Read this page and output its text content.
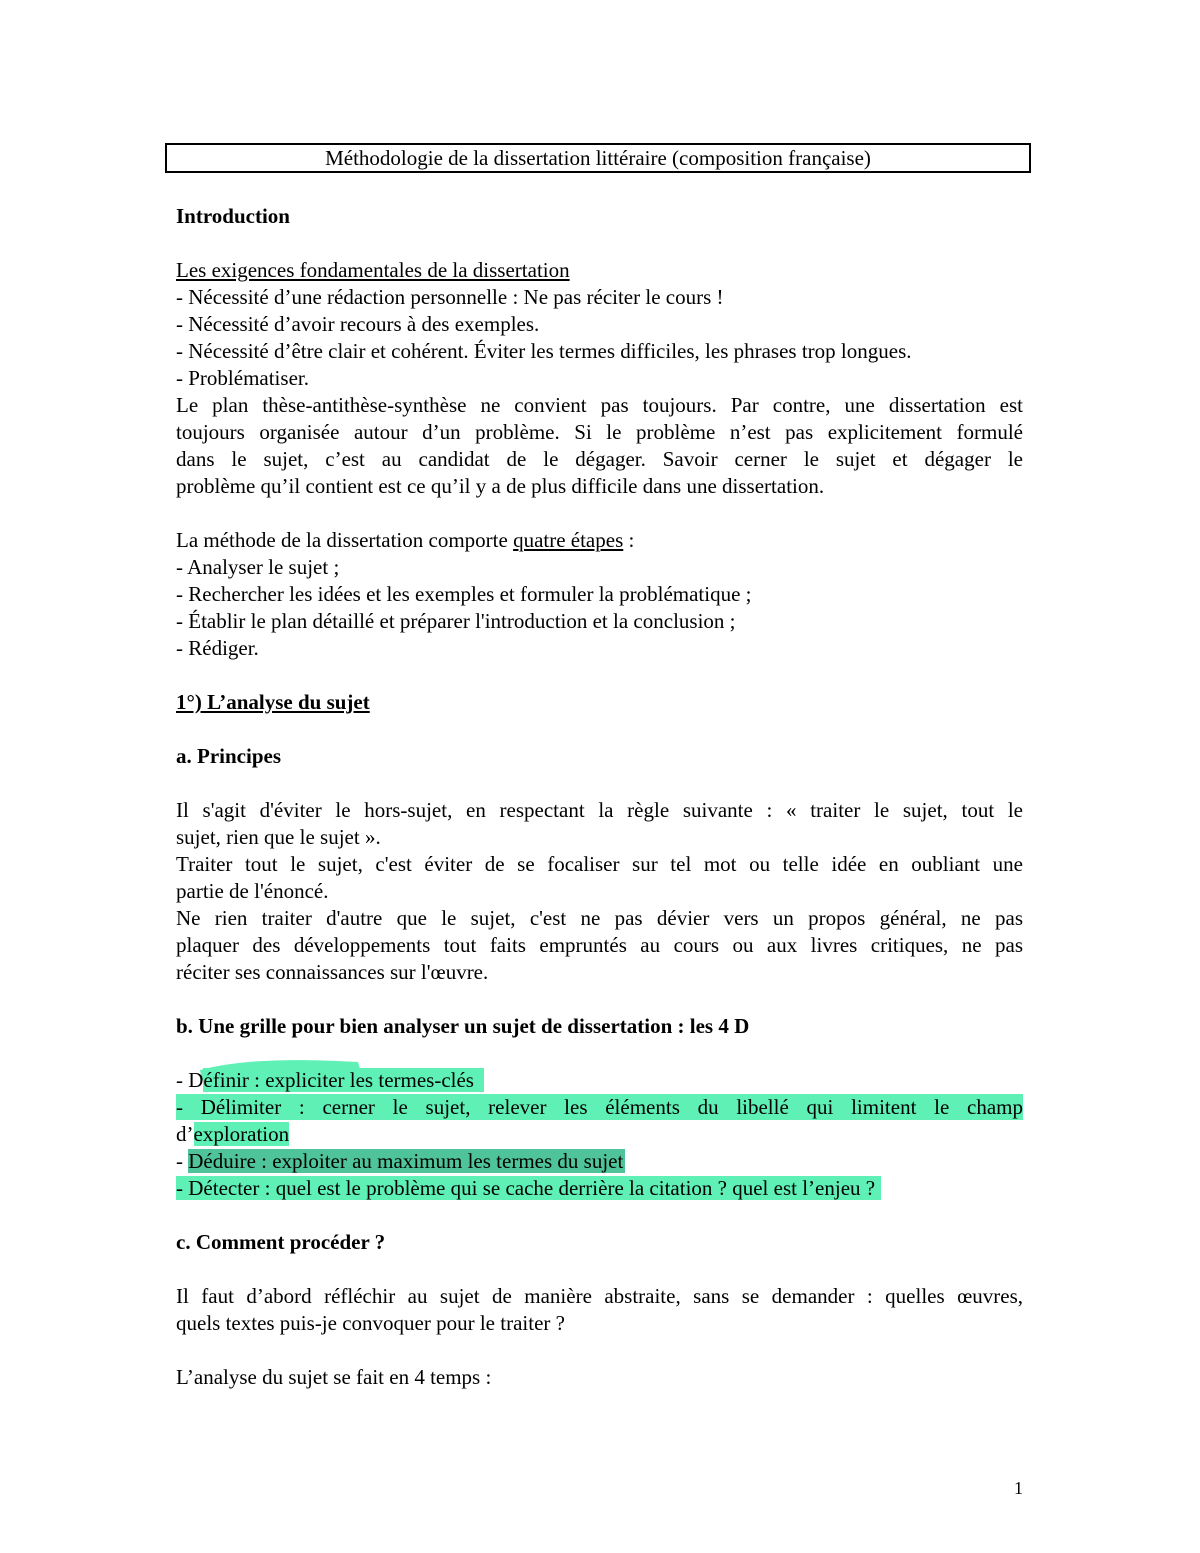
Méthodologie de la dissertation littéraire (composition française)
Introduction
Les exigences fondamentales de la dissertation
- Nécessité d’une rédaction personnelle : Ne pas réciter le cours !
- Nécessité d’avoir recours à des exemples.
- Nécessité d’être clair et cohérent. Éviter les termes difficiles, les phrases trop longues.
- Problématiser.
Le plan thèse-antithèse-synthèse ne convient pas toujours. Par contre, une dissertation est
toujours organisée autour d’un problème. Si le problème n’est pas explicitement formulé
dans le sujet, c’est au candidat de le dégager. Savoir cerner le sujet et dégager le
problème qu’il contient est ce qu’il y a de plus difficile dans une dissertation.
La méthode de la dissertation comporte quatre étapes :
- Analyser le sujet ;
- Rechercher les idées et les exemples et formuler la problématique ;
- Établir le plan détaillé et préparer l'introduction et la conclusion ;
- Rédiger.
1°) L’analyse du sujet
a. Principes
Il s'agit d'éviter le hors-sujet, en respectant la règle suivante : « traiter le sujet, tout le
sujet, rien que le sujet ».
Traiter tout le sujet, c'est éviter de se focaliser sur tel mot ou telle idée en oubliant une
partie de l'énoncé.
Ne rien traiter d'autre que le sujet, c'est ne pas dévier vers un propos général, ne pas
plaquer des développements tout faits empruntés au cours ou aux livres critiques, ne pas
réciter ses connaissances sur l'œuvre.
b. Une grille pour bien analyser un sujet de dissertation : les 4 D
- Définir : expliciter les termes-clés
- Délimiter : cerner le sujet, relever les éléments du libellé qui limitent le champ
d’exploration
- Déduire : exploiter au maximum les termes du sujet
- Détecter : quel est le problème qui se cache derrière la citation ? quel est l’enjeu ?
c. Comment procéder ?
Il faut d’abord réfléchir au sujet de manière abstraite, sans se demander : quelles œuvres,
quels textes puis-je convoquer pour le traiter ?
L’analyse du sujet se fait en 4 temps :
1
